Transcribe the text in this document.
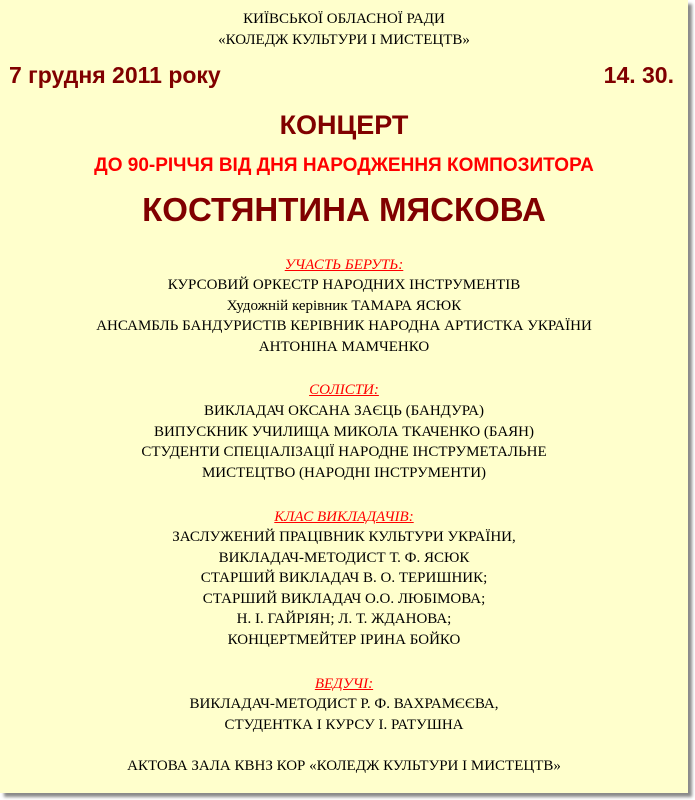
КИЇВСЬКОЇ ОБЛАСНОЇ РАДИ
«КОЛЕДЖ КУЛЬТУРИ І МИСТЕЦТВ»
7 грудня 2011 року	14. 30.
КОНЦЕРТ
ДО 90-РІЧЧЯ ВІД ДНЯ НАРОДЖЕННЯ КОМПОЗИТОРА
КОСТЯНТИНА МЯСКОВА
УЧАСТЬ БЕРУТЬ:
КУРСОВИЙ ОРКЕСТР НАРОДНИХ ІНСТРУМЕНТІВ
Художній керівник ТАМАРА ЯСЮК
АНСАМБЛЬ БАНДУРИСТІВ КЕРІВНИК НАРОДНА АРТИСТКА УКРАЇНИ
АНТОНІНА МАМЧЕНКО
СОЛІСТИ:
ВИКЛАДАЧ ОКСАНА ЗАЄЦЬ (БАНДУРА)
ВИПУСКНИК УЧИЛИЩА МИКОЛА ТКАЧЕНКО (БАЯН)
СТУДЕНТИ СПЕЦІАЛІЗАЦІЇ НАРОДНЕ ІНСТРУМЕТАЛЬНЕ
МИСТЕЦТВО (НАРОДНІ ІНСТРУМЕНТИ)
КЛАС ВИКЛАДАЧІВ:
ЗАСЛУЖЕНИЙ ПРАЦІВНИК КУЛЬТУРИ УКРАЇНИ,
ВИКЛАДАЧ-МЕТОДИСТ Т. Ф. ЯСЮК
СТАРШИЙ ВИКЛАДАЧ В. О. ТЕРИШНИК;
СТАРШИЙ ВИКЛАДАЧ О.О. ЛЮБІМОВА;
Н. І. ГАЙРІЯН; Л. Т. ЖДАНОВА;
КОНЦЕРТМЕЙТЕР ІРИНА БОЙКО
ВЕДУЧІ:
ВИКЛАДАЧ-МЕТОДИСТ Р. Ф. ВАХРАМЄЄВА,
СТУДЕНТКА І КУРСУ І. РАТУШНА
АКТОВА ЗАЛА КВНЗ КОР «КОЛЕДЖ КУЛЬТУРИ І МИСТЕЦТВ»
